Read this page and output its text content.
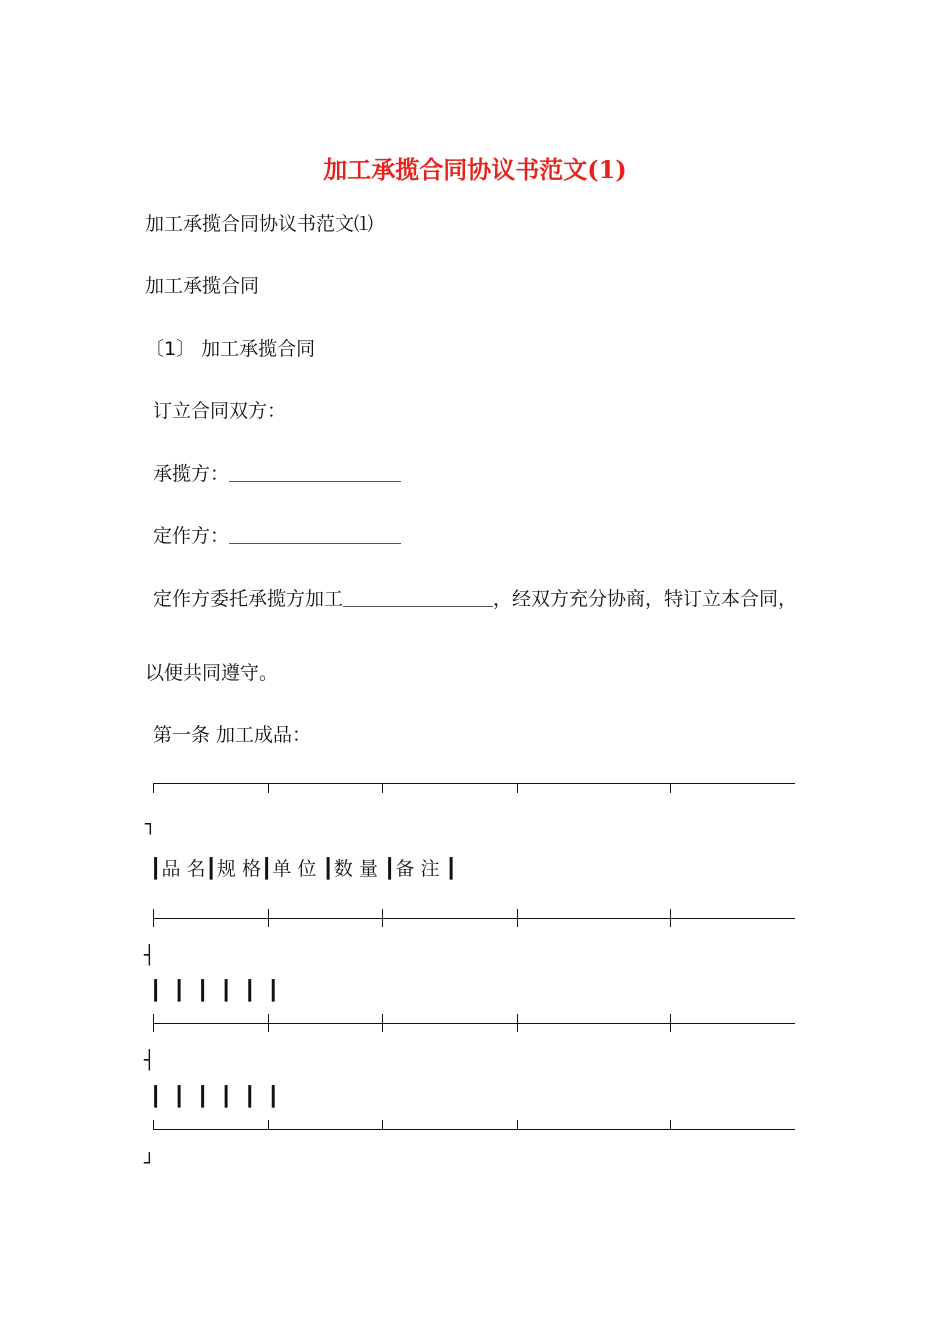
加工承揽合同协议书范文(1)
加工承揽合同协议书范文⑴
加工承揽合同
〔1〕 加工承揽合同
订立合同双方：
承揽方：
定作方：
定作方委托承揽方加工	，经双方充分协商，特订立本合同，
以便共同遵守。
第一条 加工成品：
┐
┃品 名┃规 格┃单 位 ┃数 量 ┃备 注 ┃
┤
┃  ┃  ┃  ┃  ┃  ┃
┤
┃  ┃  ┃  ┃  ┃  ┃
┘
